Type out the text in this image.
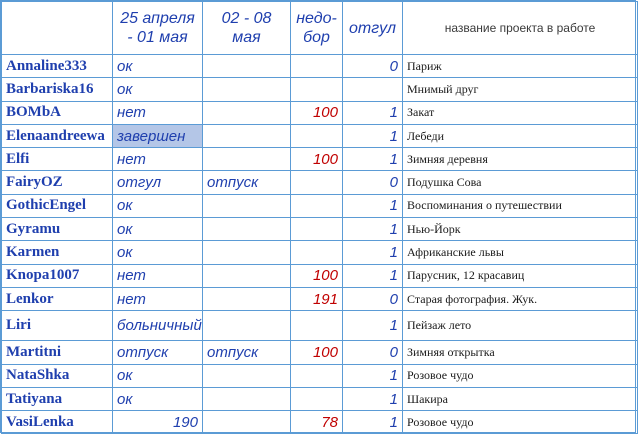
	25 апреля - 01 мая	02 - 08 мая	недо-бор	отгул	название проекта в работе
Annaline333	ок			0	Париж
Barbariska16	ок				Мнимый друг
BOMbA	нет		100	1	Закат
Elenaandreewa	завершен			1	Лебеди
Elfi	нет		100	1	Зимняя деревня
FairyOZ	отгул	отпуск		0	Подушка Сова
GothicEngel	ок			1	Воспоминания о путешествии
Gyramu	ок			1	Нью-Йорк
Karmen	ок			1	Африканские львы
Knopa1007	нет		100	1	Парусник, 12 красавиц
Lenkor	нет		191	0	Старая фотография. Жук.
Liri	больничный			1	Пейзаж лето
Martitni	отпуск	отпуск	100	0	Зимняя открытка
NataShka	ок			1	Розовое чудо
Tatiyana	ок			1	Шакира
VasiLenka	190		78	1	Розовое чудо
